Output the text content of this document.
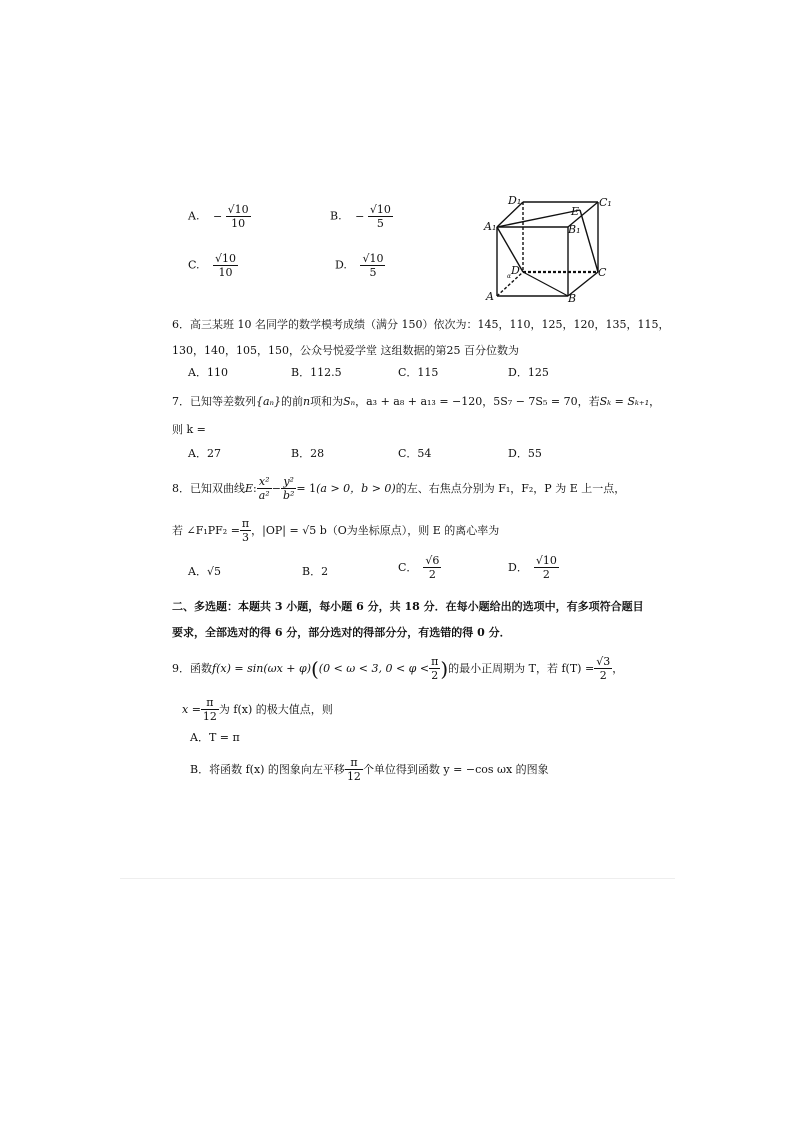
A. − $\frac{√10}{10}$	B. − $\frac{√10}{5}$
C. $\frac{√10}{10}$	D. $\frac{√10}{5}$
D₁	C₁
E
A₁	B₁
D	C
α
A	B
6．高三某班 10 名同学的数学模考成绩（满分 150）依次为：145，110，125，120，135，115，
130，140，105，150，公众号悦爱学堂 这组数据的第25 百分位数为
A．110	B．112.5	C．115	D．125
7．已知等差数列{aₙ}的前n项和为Sₙ，a₃ + a₈ + a₁₃ = −120，5S₇ − 7S₅ = 70，若Sₖ = Sₖ₊₁，
则 k =
A．27	B．28	C．54	D．55
8．已知双曲线 E : $\frac{\text{x²}}{\text{a²}} - \frac{\text{y²}}{\text{b²}} = 1$ (a > 0，b > 0) 的左、右焦点分别为 F₁，F₂，P 为 E 上一点，
若 ∠F₁PF₂ = $\frac{\pi}{3}$ ，|OP| = √5 b（O为坐标原点），则 E 的离心率为
A．√5	B．2	C． $\frac{√6}{2}$	D． $\frac{√10}{2}$
二、多选题：本题共 3 小题，每小题 6 分，共 18 分．在每小题给出的选项中，有多项符合题目
要求，全部选对的得 6 分，部分选对的得部分分，有选错的得 0 分．
9．函数 f(x) = sin(ωx + φ) ( (0 < ω < 3, $0 < \varphi < \frac{\pi}{2}$ ) 的最小正周期为 T，若 $f(T) = \frac{√3}{2}$ ，
$x = \frac{\pi}{12}$ 为 f(x) 的极大值点，则
A．T = π
B．将函数 f(x) 的图象向左平移 $\frac{\pi}{12}$ 个单位得到函数 y = −cos ωx 的图象
